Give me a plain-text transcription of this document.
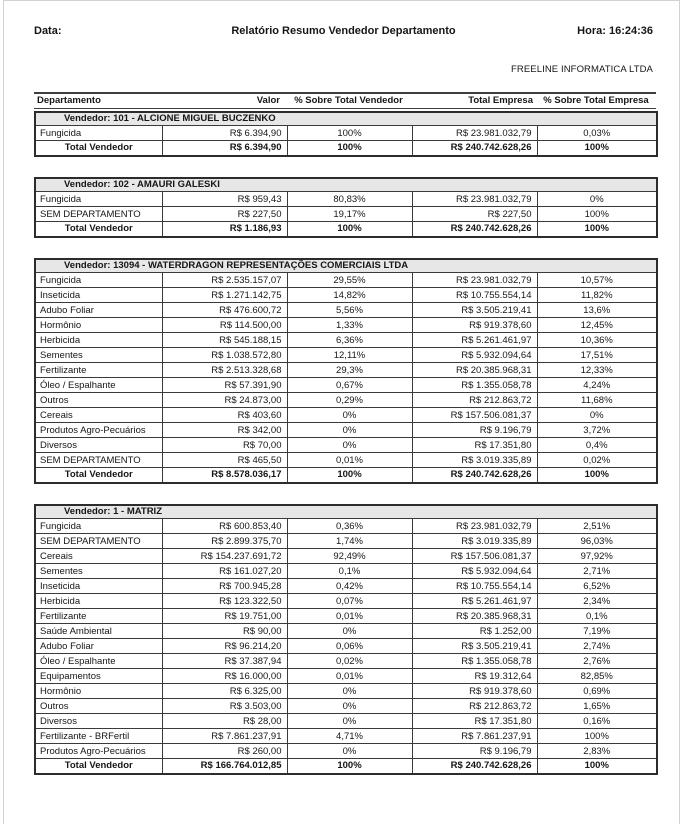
Data:	Relatório Resumo Vendedor Departamento	Hora: 16:24:36
FREELINE INFORMATICA LTDA
Departamento	Valor	% Sobre Total Vendedor	Total Empresa	% Sobre Total Empresa
Vendedor: 101 - ALCIONE MIGUEL BUCZENKO				
Fungicida	R$ 6.394,90	100%	R$ 23.981.032,79	0,03%
Total Vendedor	R$ 6.394,90	100%	R$ 240.742.628,26	100%
Vendedor: 102 - AMAURI GALESKI				
Fungicida	R$ 959,43	80,83%	R$ 23.981.032,79	0%
SEM DEPARTAMENTO	R$ 227,50	19,17%	R$ 227,50	100%
Total Vendedor	R$ 1.186,93	100%	R$ 240.742.628,26	100%
Vendedor: 13094 - WATERDRAGON REPRESENTAÇÕES COMERCIAIS LTDA				
Fungicida	R$ 2.535.157,07	29,55%	R$ 23.981.032,79	10,57%
Inseticida	R$ 1.271.142,75	14,82%	R$ 10.755.554,14	11,82%
Adubo Foliar	R$ 476.600,72	5,56%	R$ 3.505.219,41	13,6%
Hormônio	R$ 114.500,00	1,33%	R$ 919.378,60	12,45%
Herbicida	R$ 545.188,15	6,36%	R$ 5.261.461,97	10,36%
Sementes	R$ 1.038.572,80	12,11%	R$ 5.932.094,64	17,51%
Fertilizante	R$ 2.513.328,68	29,3%	R$ 20.385.968,31	12,33%
Óleo / Espalhante	R$ 57.391,90	0,67%	R$ 1.355.058,78	4,24%
Outros	R$ 24.873,00	0,29%	R$ 212.863,72	11,68%
Cereais	R$ 403,60	0%	R$ 157.506.081,37	0%
Produtos Agro-Pecuários	R$ 342,00	0%	R$ 9.196,79	3,72%
Diversos	R$ 70,00	0%	R$ 17.351,80	0,4%
SEM DEPARTAMENTO	R$ 465,50	0,01%	R$ 3.019.335,89	0,02%
Total Vendedor	R$ 8.578.036,17	100%	R$ 240.742.628,26	100%
Vendedor: 1 - MATRIZ				
Fungicida	R$ 600.853,40	0,36%	R$ 23.981.032,79	2,51%
SEM DEPARTAMENTO	R$ 2.899.375,70	1,74%	R$ 3.019.335,89	96,03%
Cereais	R$ 154.237.691,72	92,49%	R$ 157.506.081,37	97,92%
Sementes	R$ 161.027,20	0,1%	R$ 5.932.094,64	2,71%
Inseticida	R$ 700.945,28	0,42%	R$ 10.755.554,14	6,52%
Herbicida	R$ 123.322,50	0,07%	R$ 5.261.461,97	2,34%
Fertilizante	R$ 19.751,00	0,01%	R$ 20.385.968,31	0,1%
Saúde Ambiental	R$ 90,00	0%	R$ 1.252,00	7,19%
Adubo Foliar	R$ 96.214,20	0,06%	R$ 3.505.219,41	2,74%
Óleo / Espalhante	R$ 37.387,94	0,02%	R$ 1.355.058,78	2,76%
Equipamentos	R$ 16.000,00	0,01%	R$ 19.312,64	82,85%
Hormônio	R$ 6.325,00	0%	R$ 919.378,60	0,69%
Outros	R$ 3.503,00	0%	R$ 212.863,72	1,65%
Diversos	R$ 28,00	0%	R$ 17.351,80	0,16%
Fertilizante - BRFertil	R$ 7.861.237,91	4,71%	R$ 7.861.237,91	100%
Produtos Agro-Pecuários	R$ 260,00	0%	R$ 9.196,79	2,83%
Total Vendedor	R$ 166.764.012,85	100%	R$ 240.742.628,26	100%
